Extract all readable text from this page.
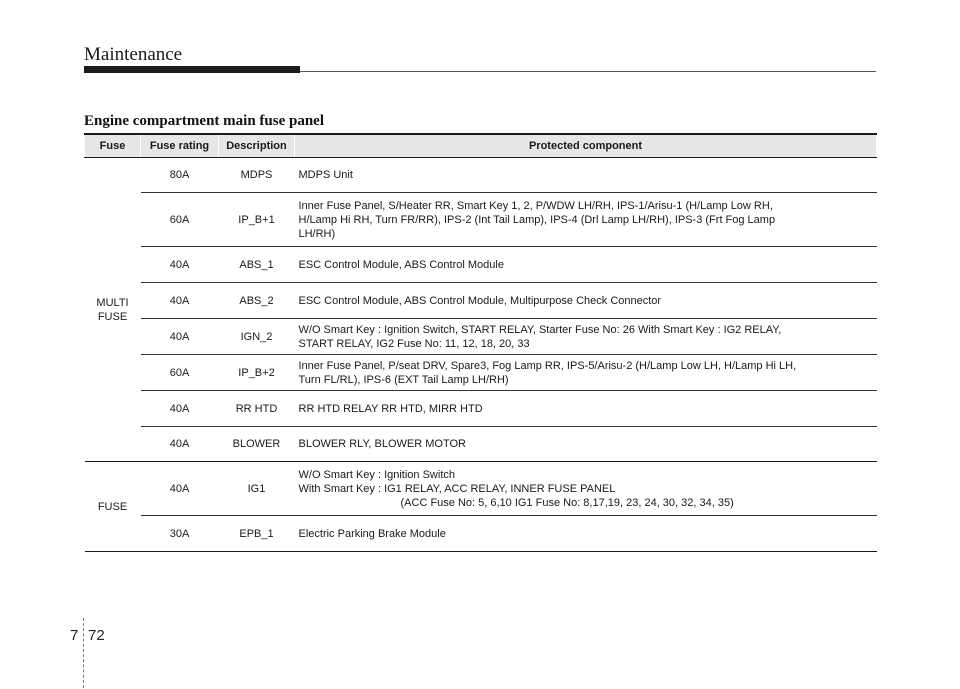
Maintenance
Engine compartment main fuse panel
Fuse	Fuse rating	Description	Protected component

MULTI
FUSE	80A	MDPS	MDPS Unit

	60A	IP_B+1	Inner Fuse Panel, S/Heater RR, Smart Key 1, 2, P/WDW LH/RH, IPS-1/Arisu-1 (H/Lamp Low RH,
H/Lamp Hi RH, Turn FR/RR), IPS-2 (Int Tail Lamp), IPS-4 (Drl Lamp LH/RH), IPS-3 (Frt Fog Lamp
LH/RH)

	40A	ABS_1	ESC Control Module, ABS Control Module

	40A	ABS_2	ESC Control Module, ABS Control Module, Multipurpose Check Connector

	40A	IGN_2	W/O Smart Key : Ignition Switch, START RELAY, Starter Fuse No: 26 With Smart Key : IG2 RELAY,
START RELAY, IG2 Fuse No: 11, 12, 18, 20, 33

	60A	IP_B+2	Inner Fuse Panel, P/seat DRV, Spare3, Fog Lamp RR, IPS-5/Arisu-2 (H/Lamp Low LH, H/Lamp Hi LH,
Turn FL/RL), IPS-6 (EXT Tail Lamp LH/RH)

	40A	RR HTD	RR HTD RELAY RR HTD, MIRR HTD

	40A	BLOWER	BLOWER RLY, BLOWER MOTOR

FUSE	40A	IG1	W/O Smart Key : Ignition Switch
With Smart Key : IG1 RELAY, ACC RELAY, INNER FUSE PANEL
(ACC Fuse No: 5, 6,10 IG1 Fuse No: 8,17,19, 23, 24, 30, 32, 34, 35)

	30A	EPB_1	Electric Parking Brake Module
7 72
